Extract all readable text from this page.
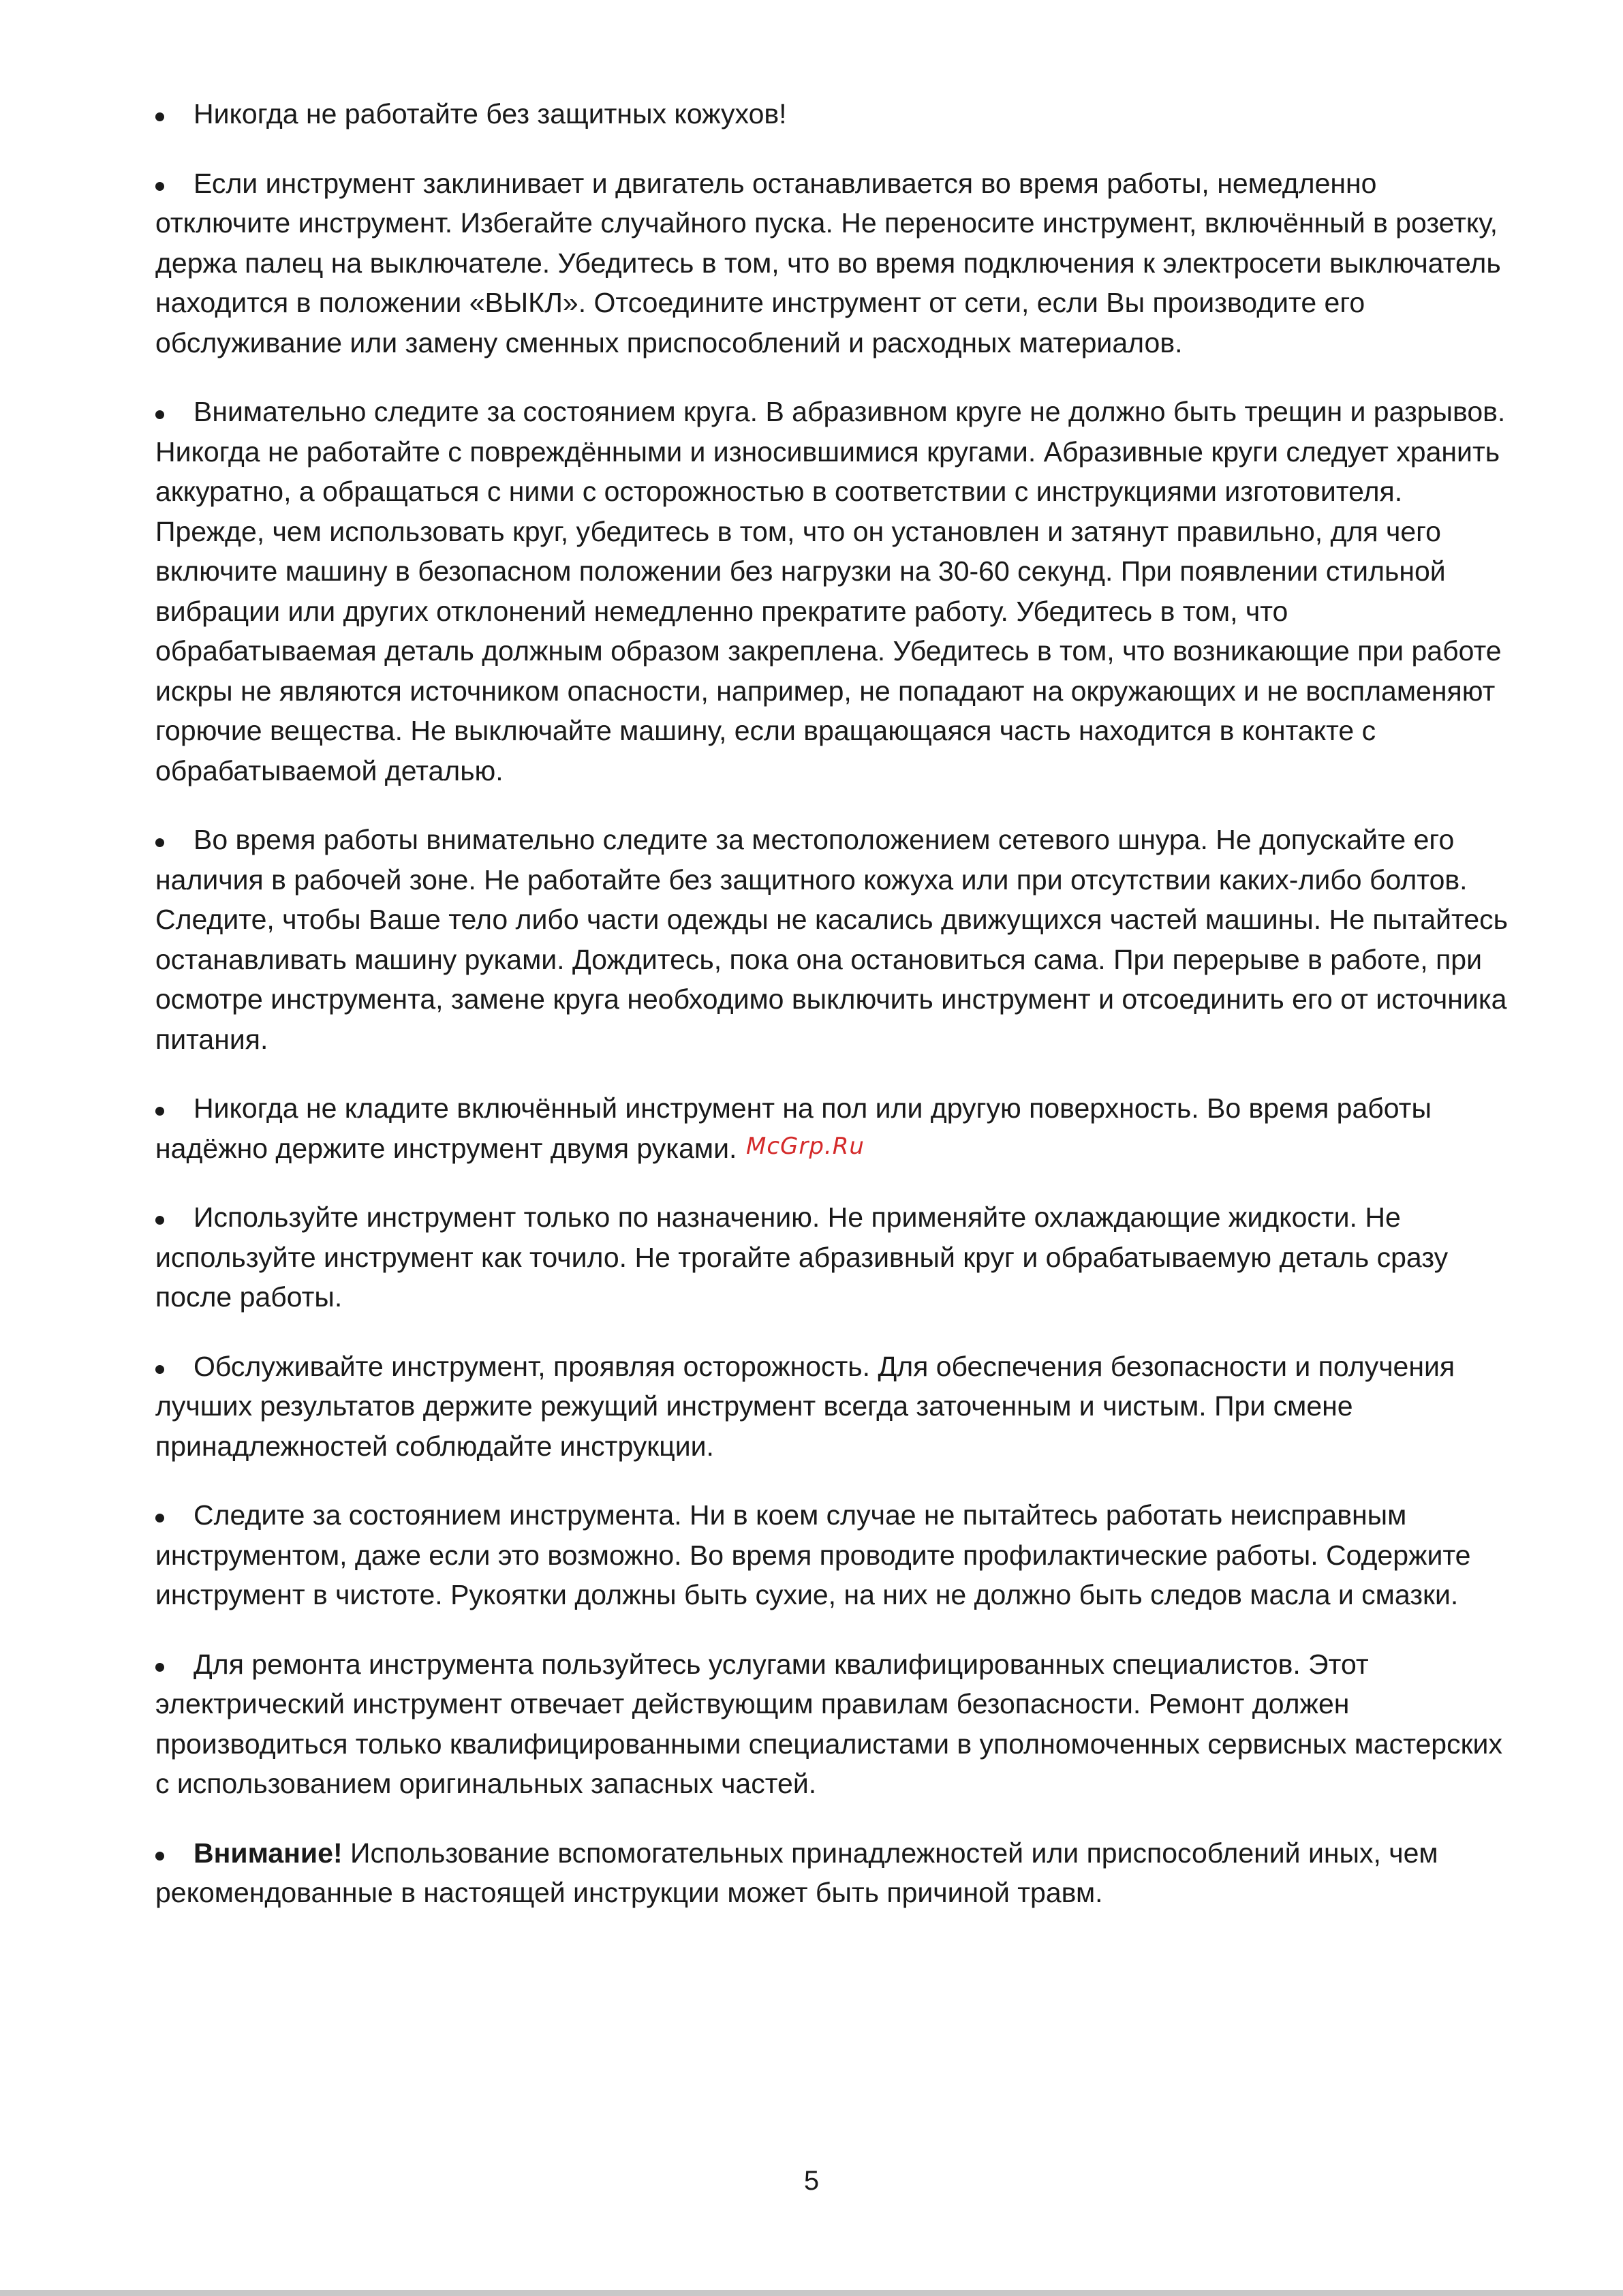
Никогда не работайте без защитных кожухов!
Если инструмент заклинивает и двигатель останавливается во время работы, немедленно отключите инструмент. Избегайте случайного пуска. Не переносите инструмент, включённый в розетку, держа палец на выключателе. Убедитесь в том, что во время подключения к электросети выключатель находится в положении «ВЫКЛ». Отсоедините инструмент от сети, если Вы производите его обслуживание или замену сменных приспособлений и расходных материалов.
Внимательно следите за состоянием круга. В абразивном круге не должно быть трещин и разрывов. Никогда не работайте с повреждёнными и износившимися кругами. Абразивные круги следует хранить аккуратно, а обращаться с ними с осторожностью в соответствии с инструкциями изготовителя. Прежде, чем использовать круг, убедитесь в том, что он установлен и затянут правильно, для чего включите машину в безопасном положении без нагрузки на 30-60 секунд. При появлении стильной вибрации или других отклонений немедленно прекратите работу. Убедитесь в том, что обрабатываемая деталь должным образом закреплена. Убедитесь в том, что возникающие при работе искры не являются источником опасности, например, не попадают на окружающих и не воспламеняют горючие вещества. Не выключайте машину, если вращающаяся часть находится в контакте с обрабатываемой деталью.
Во время работы внимательно следите за местоположением сетевого шнура. Не допускайте его наличия в рабочей зоне. Не работайте без защитного кожуха или при отсутствии каких-либо болтов. Следите, чтобы Ваше тело либо части одежды не касались движущихся частей машины. Не пытайтесь останавливать машину руками. Дождитесь, пока она остановиться сама. При перерыве в работе, при осмотре инструмента, замене круга необходимо выключить инструмент и отсоединить его от источника питания.
Никогда не кладите включённый инструмент на пол или другую поверхность. Во время работы надёжно держите инструмент двумя руками.
Используйте инструмент только по назначению. Не применяйте охлаждающие жидкости. Не используйте инструмент как точило. Не трогайте абразивный круг и обрабатываемую деталь сразу после работы.
Обслуживайте инструмент, проявляя осторожность. Для обеспечения безопасности и получения лучших результатов держите режущий инструмент всегда заточенным и чистым. При смене принадлежностей соблюдайте инструкции.
Следите за состоянием инструмента. Ни в коем случае не пытайтесь работать неисправным инструментом, даже если это возможно. Во время проводите профилактические работы. Содержите инструмент в чистоте. Рукоятки должны быть сухие, на них не должно быть следов масла и смазки.
Для ремонта инструмента пользуйтесь услугами квалифицированных специалистов. Этот электрический инструмент отвечает действующим правилам безопасности. Ремонт должен производиться только квалифицированными специалистами в уполномоченных сервисных мастерских с использованием оригинальных запасных частей.
Внимание! Использование вспомогательных принадлежностей или приспособлений иных, чем рекомендованные в настоящей инструкции может быть причиной травм.
McGrp.Ru
5
